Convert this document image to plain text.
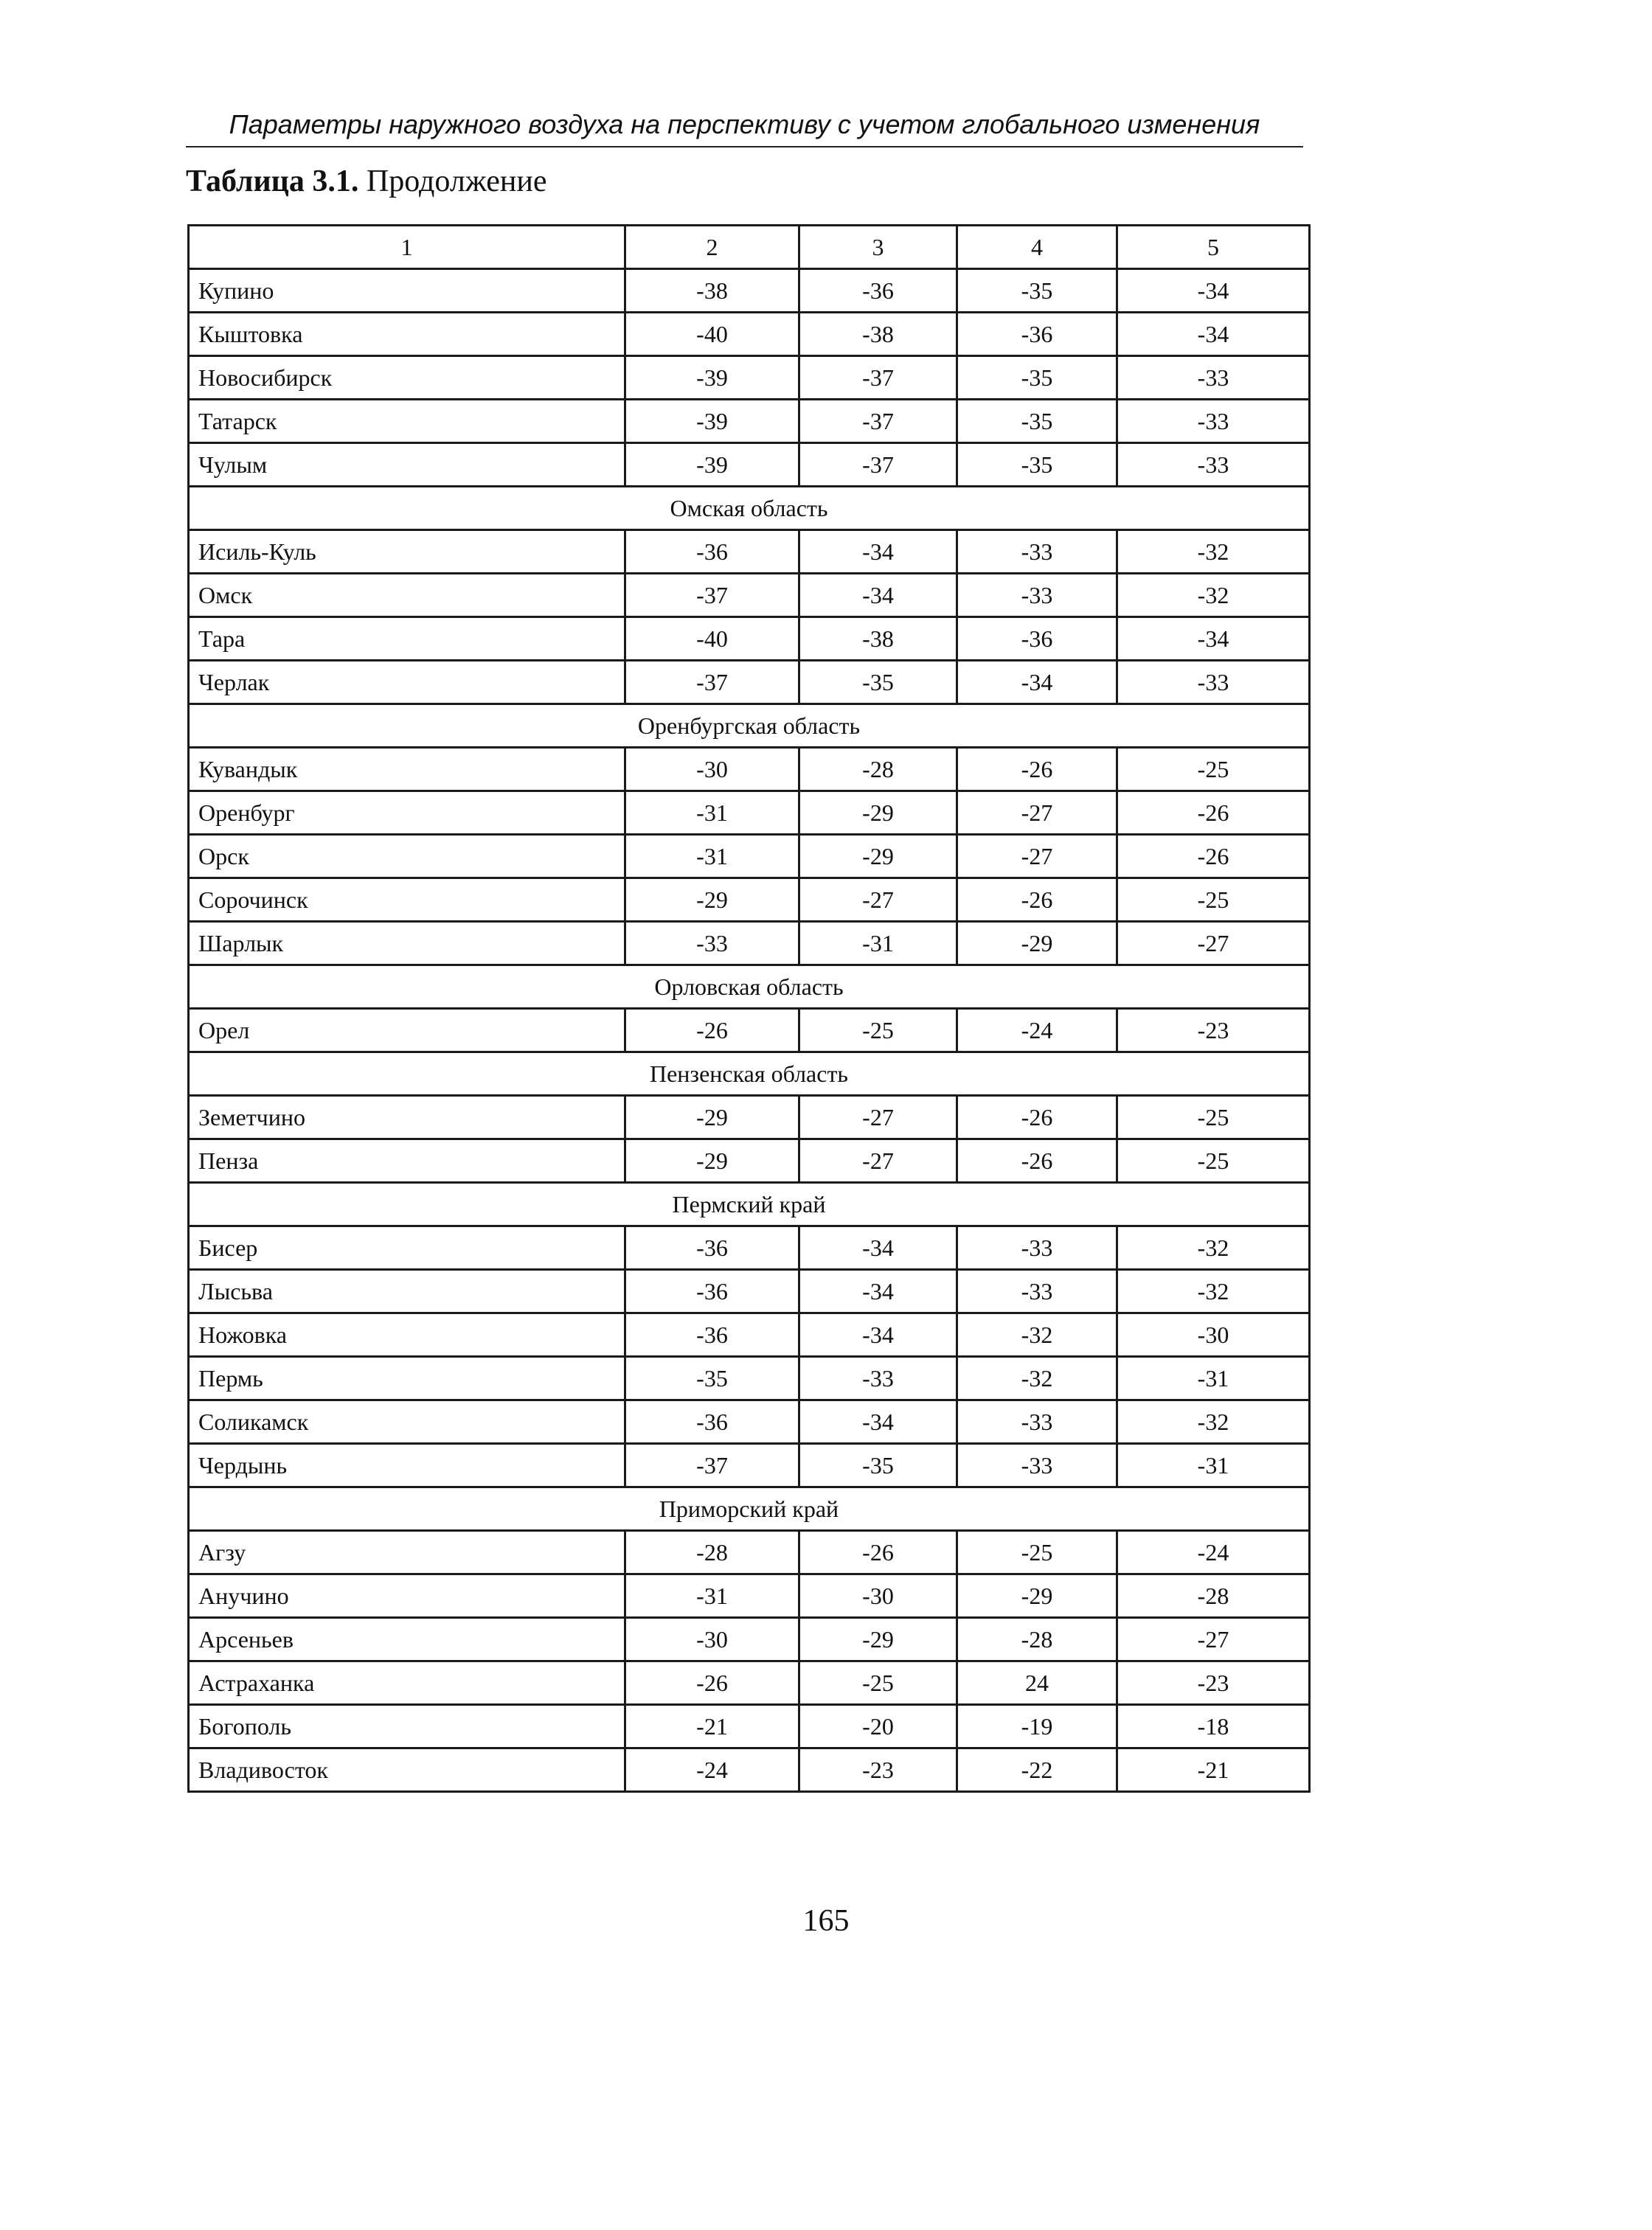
Параметры наружного воздуха на перспективу с учетом глобального изменения
Таблица 3.1. Продолжение
1	2	3	4	5
Купино	-38	-36	-35	-34
Кыштовка	-40	-38	-36	-34
Новосибирск	-39	-37	-35	-33
Татарск	-39	-37	-35	-33
Чулым	-39	-37	-35	-33
Омская область				
Исиль-Куль	-36	-34	-33	-32
Омск	-37	-34	-33	-32
Тара	-40	-38	-36	-34
Черлак	-37	-35	-34	-33
Оренбургская область				
Кувандык	-30	-28	-26	-25
Оренбург	-31	-29	-27	-26
Орск	-31	-29	-27	-26
Сорочинск	-29	-27	-26	-25
Шарлык	-33	-31	-29	-27
Орловская область				
Орел	-26	-25	-24	-23
Пензенская область				
Земетчино	-29	-27	-26	-25
Пенза	-29	-27	-26	-25
Пермский край				
Бисер	-36	-34	-33	-32
Лысьва	-36	-34	-33	-32
Ножовка	-36	-34	-32	-30
Пермь	-35	-33	-32	-31
Соликамск	-36	-34	-33	-32
Чердынь	-37	-35	-33	-31
Приморский край				
Агзу	-28	-26	-25	-24
Анучино	-31	-30	-29	-28
Арсеньев	-30	-29	-28	-27
Астраханка	-26	-25	24	-23
Богополь	-21	-20	-19	-18
Владивосток	-24	-23	-22	-21
165
